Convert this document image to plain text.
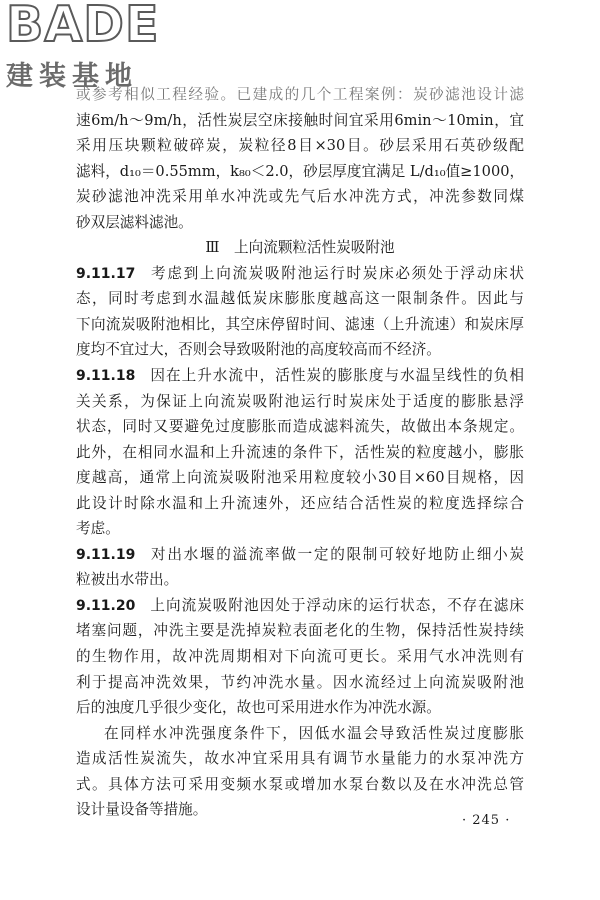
BADE
建装基地
或参考相似工程经验。已建成的几个工程案例：炭砂滤池设计滤
速6m/h～9m/h，活性炭层空床接触时间宜采用6min～10min，宜
采用压块颗粒破碎炭，炭粒径8目×30目。砂层采用石英砂级配
滤料，d₁₀＝0.55mm，k₈₀＜2.0，砂层厚度宜满足 L/d₁₀值≥1000，
炭砂滤池冲洗采用单水冲洗或先气后水冲洗方式，冲洗参数同煤
砂双层滤料滤池。
Ⅲ　上向流颗粒活性炭吸附池
9.11.17 考虑到上向流炭吸附池运行时炭床必须处于浮动床状
态，同时考虑到水温越低炭床膨胀度越高这一限制条件。因此与
下向流炭吸附池相比，其空床停留时间、滤速（上升流速）和炭床厚
度均不宜过大，否则会导致吸附池的高度较高而不经济。
9.11.18 因在上升水流中，活性炭的膨胀度与水温呈线性的负相
关关系，为保证上向流炭吸附池运行时炭床处于适度的膨胀悬浮
状态，同时又要避免过度膨胀而造成滤料流失，故做出本条规定。
此外，在相同水温和上升流速的条件下，活性炭的粒度越小，膨胀
度越高，通常上向流炭吸附池采用粒度较小30目×60目规格，因
此设计时除水温和上升流速外，还应结合活性炭的粒度选择综合
考虑。
9.11.19 对出水堰的溢流率做一定的限制可较好地防止细小炭
粒被出水带出。
9.11.20 上向流炭吸附池因处于浮动床的运行状态，不存在滤床
堵塞问题，冲洗主要是洗掉炭粒表面老化的生物，保持活性炭持续
的生物作用，故冲洗周期相对下向流可更长。采用气水冲洗则有
利于提高冲洗效果，节约冲洗水量。因水流经过上向流炭吸附池
后的浊度几乎很少变化，故也可采用进水作为冲洗水源。
在同样水冲洗强度条件下，因低水温会导致活性炭过度膨胀
造成活性炭流失，故水冲宜采用具有调节水量能力的水泵冲洗方
式。具体方法可采用变频水泵或增加水泵台数以及在水冲洗总管
设计量设备等措施。
· 245 ·
